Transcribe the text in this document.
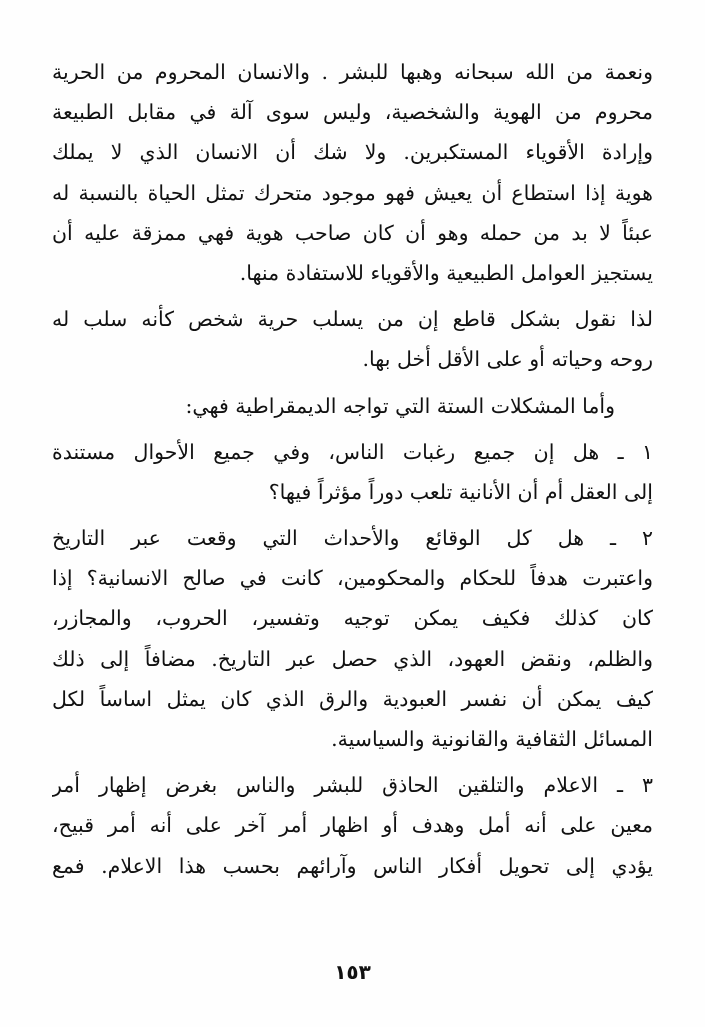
ونعمة من الله سبحانه وهبها للبشر . والانسان المحروم من الحرية
محروم من الهوية والشخصية، وليس سوى آلة في مقابل الطبيعة
وإرادة الأقوياء المستكبرين. ولا شك أن الانسان الذي لا يملك
هوية إذا استطاع أن يعيش فهو موجود متحرك تمثل الحياة بالنسبة له
عبئاً لا بد من حمله وهو أن كان صاحب هوية فهي ممزقة عليه أن
يستجيز العوامل الطبيعية والأقوياء للاستفادة منها.
لذا نقول بشكل قاطع إن من يسلب حرية شخص كأنه سلب له
روحه وحياته أو على الأقل أخل بها.
وأما المشكلات الستة التي تواجه الديمقراطية فهي:
١ ـ هل إن جميع رغبات الناس، وفي جميع الأحوال مستندة
إلى العقل أم أن الأنانية تلعب دوراً مؤثراً فيها؟
٢ ـ هل كل الوقائع والأحداث التي وقعت عبر التاريخ
واعتبرت هدفاً للحكام والمحكومين، كانت في صالح الانسانية؟ إذا
كان كذلك فكيف يمكن توجيه وتفسير، الحروب، والمجازر،
والظلم، ونقض العهود، الذي حصل عبر التاريخ. مضافاً إلى ذلك
كيف يمكن أن نفسر العبودية والرق الذي كان يمثل اساساً لكل
المسائل الثقافية والقانونية والسياسية.
٣ ـ الاعلام والتلقين الحاذق للبشر والناس بغرض إظهار أمر
معين على أنه أمل وهدف أو اظهار أمر آخر على أنه أمر قبيح،
يؤدي إلى تحويل أفكار الناس وآرائهم بحسب هذا الاعلام. فمع
١٥٣
